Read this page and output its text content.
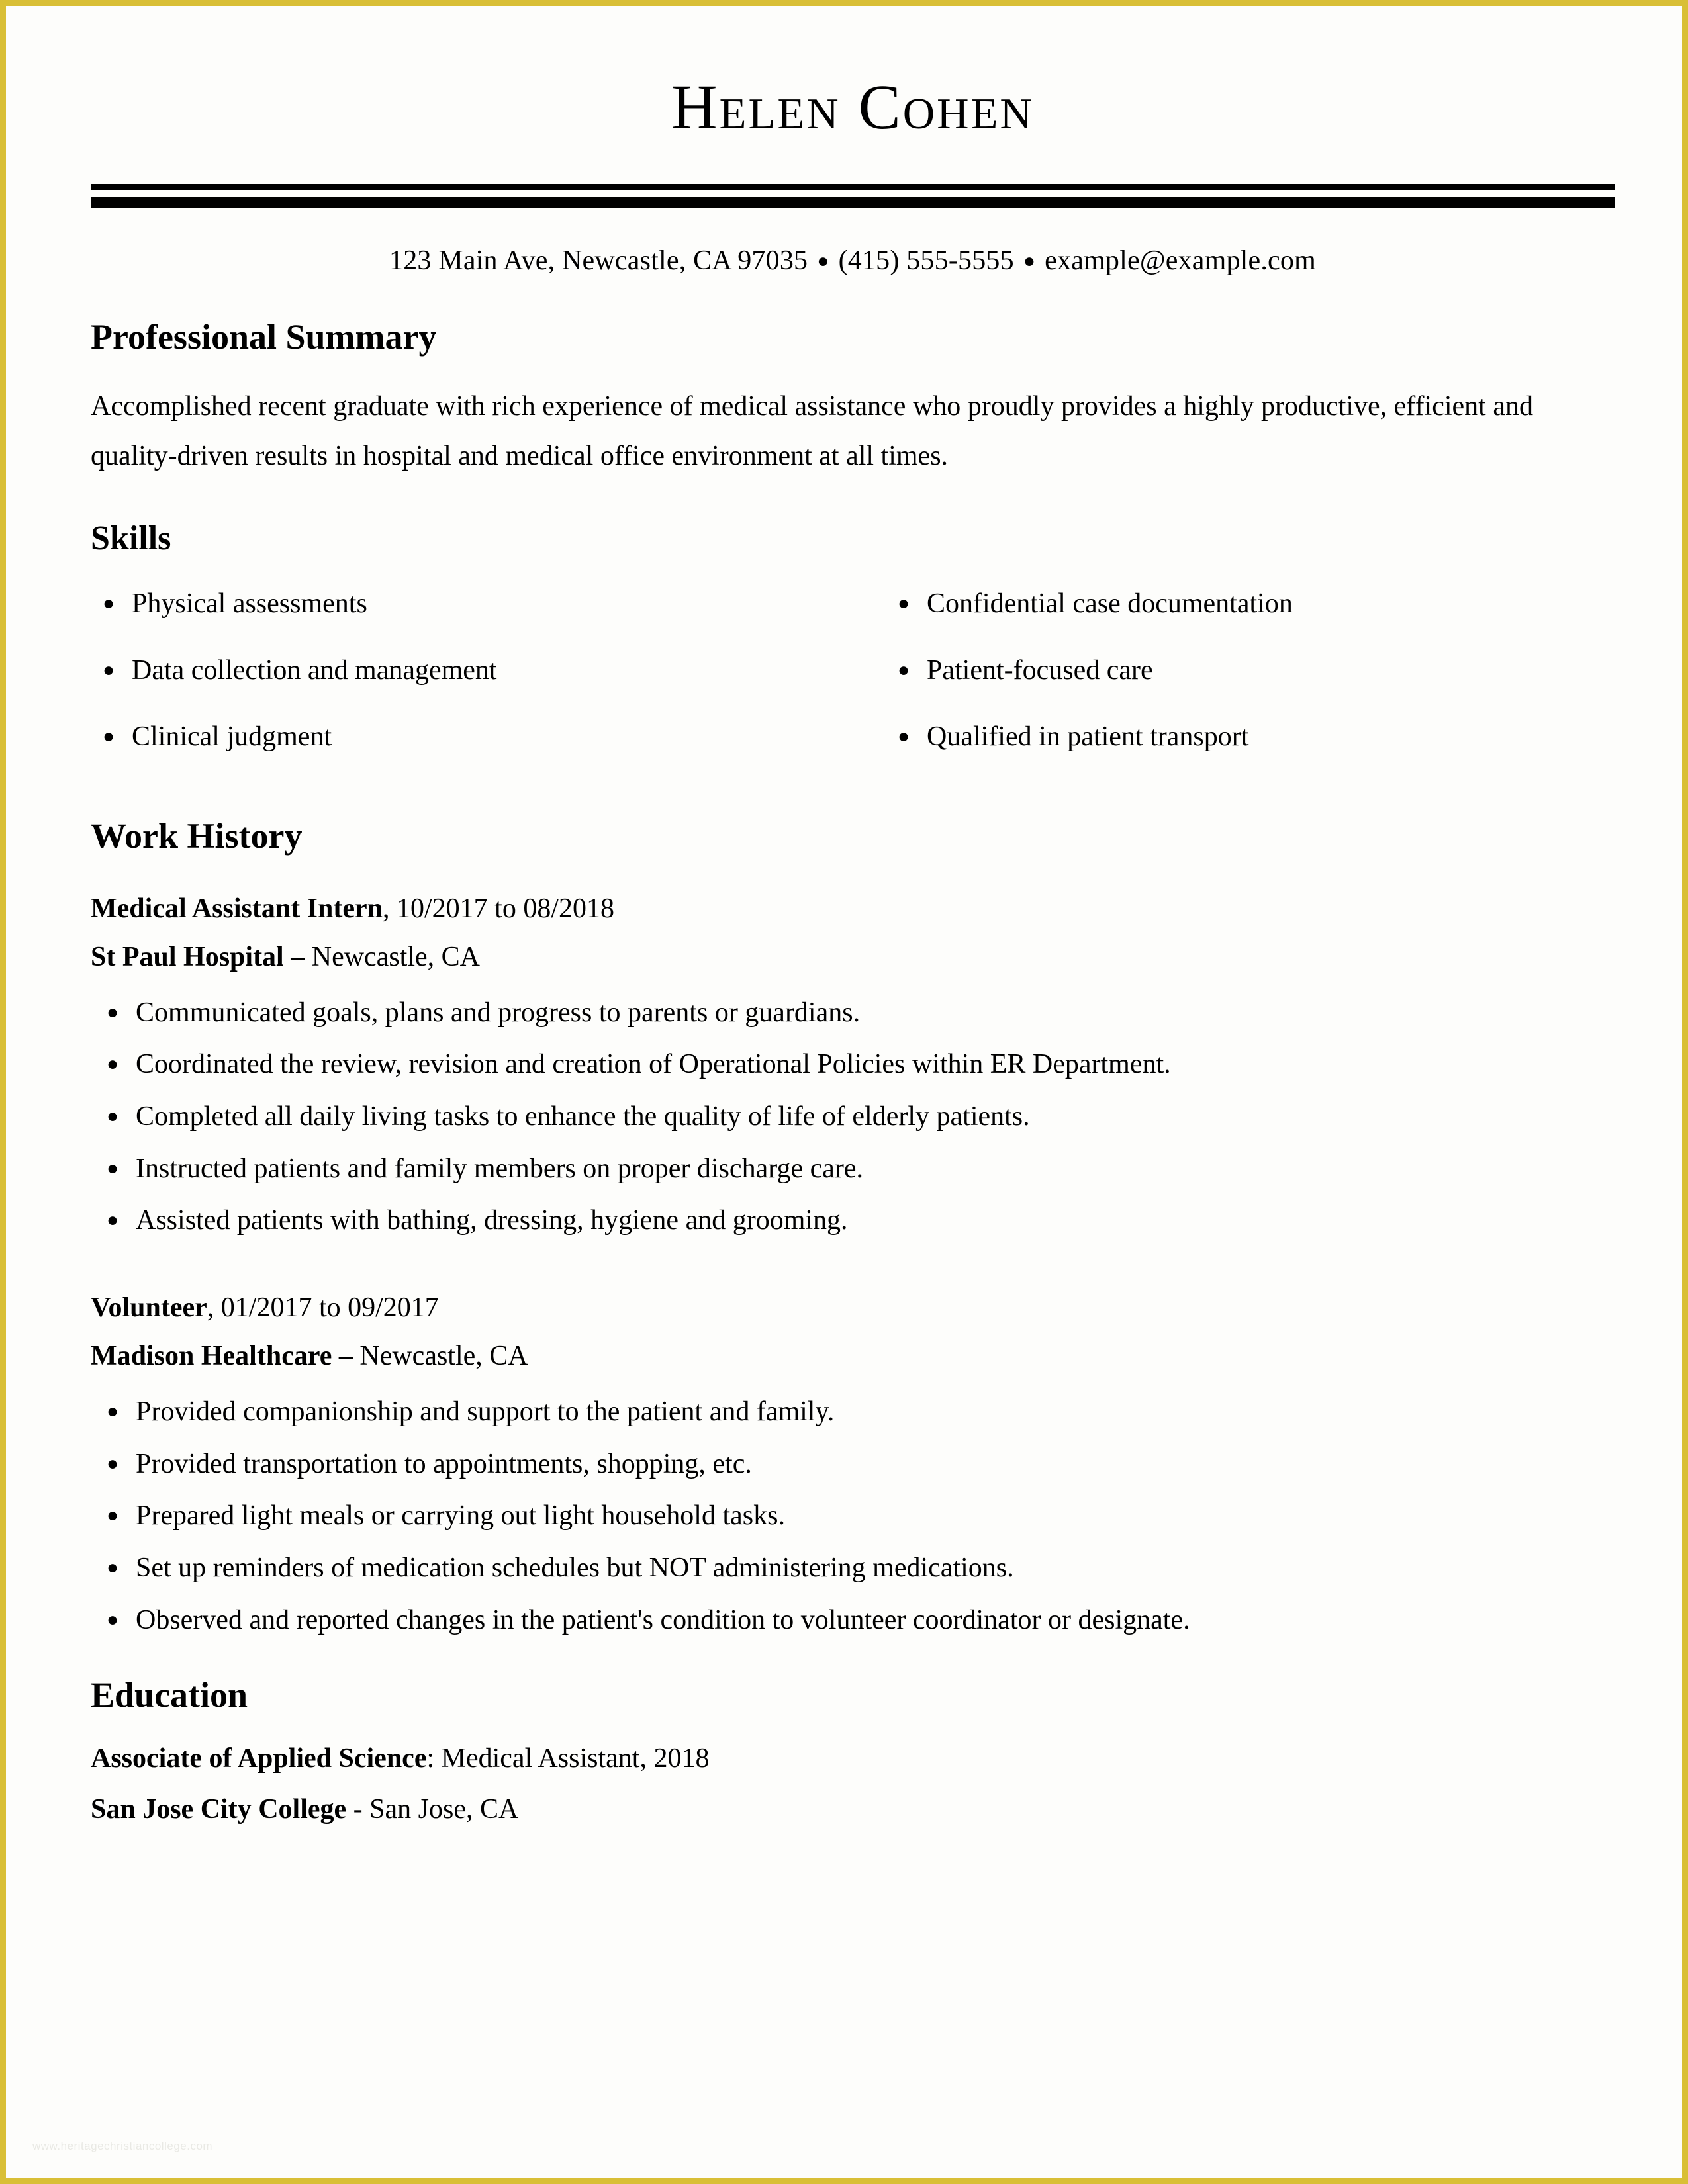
Helen Cohen
123 Main Ave, Newcastle, CA 97035 ● (415) 555-5555 ● example@example.com
Professional Summary

Accomplished recent graduate with rich experience of medical assistance who proudly provides a highly productive, efficient and quality-driven results in hospital and medical office environment at all times.

Skills
● Physical assessments
● Data collection and management
● Clinical judgment
● Confidential case documentation
● Patient-focused care
● Qualified in patient transport
Work History

Medical Assistant Intern, 10/2017 to 08/2018

St Paul Hospital – Newcastle, CA

● Communicated goals, plans and progress to parents or guardians.
● Coordinated the review, revision and creation of Operational Policies within ER Department.
● Completed all daily living tasks to enhance the quality of life of elderly patients.
● Instructed patients and family members on proper discharge care.
● Assisted patients with bathing, dressing, hygiene and grooming.

Volunteer, 01/2017 to 09/2017

Madison Healthcare – Newcastle, CA

● Provided companionship and support to the patient and family.
● Provided transportation to appointments, shopping, etc.
● Prepared light meals or carrying out light household tasks.
● Set up reminders of medication schedules but NOT administering medications.
● Observed and reported changes in the patient's condition to volunteer coordinator or designate.
Education

Associate of Applied Science: Medical Assistant, 2018

San Jose City College - San Jose, CA

www.heritagechristiancollege.com
